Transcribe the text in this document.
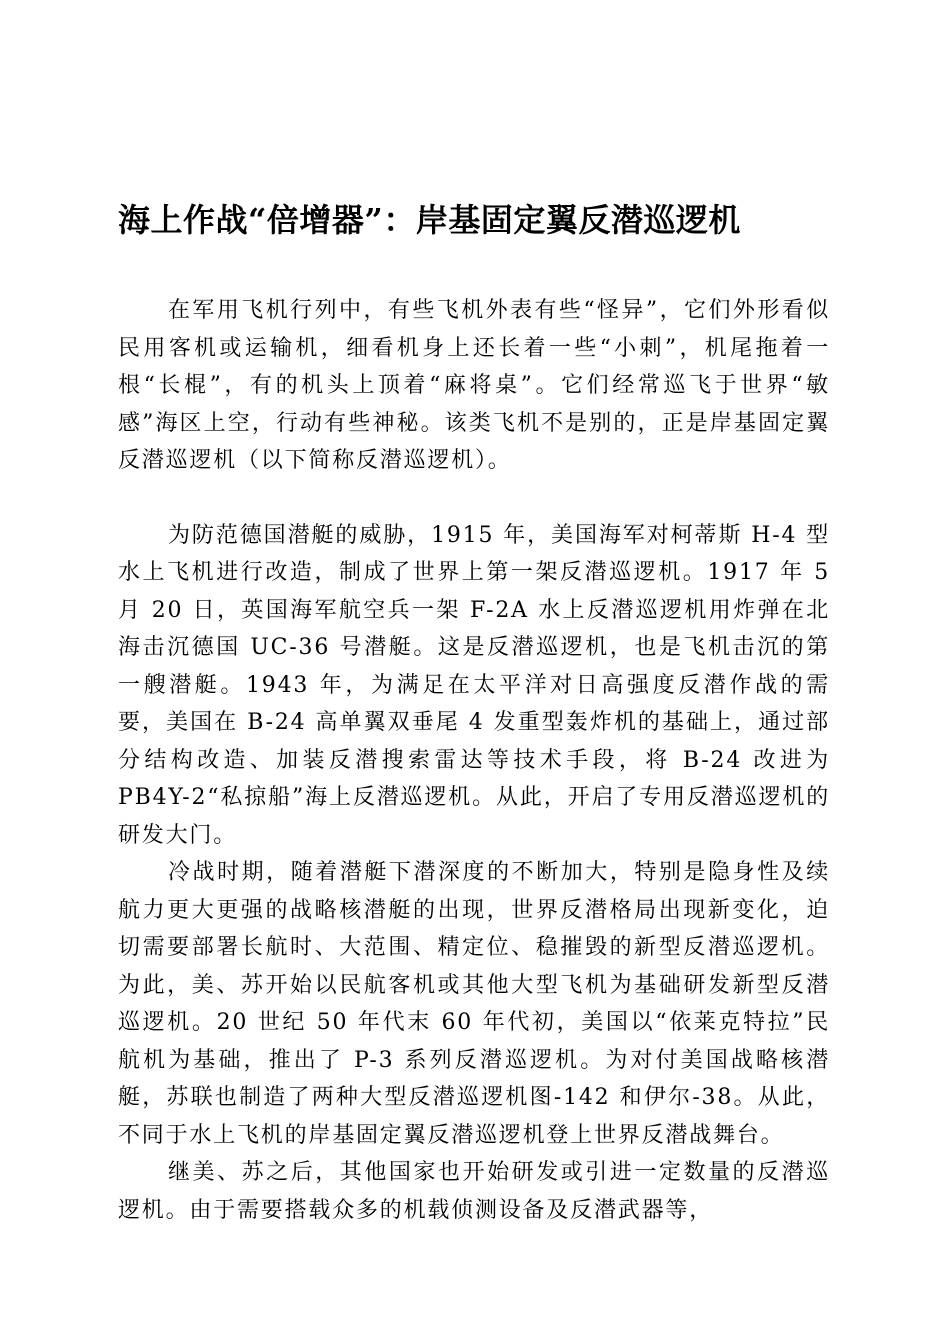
海上作战“倍增器”：岸基固定翼反潜巡逻机

在军用飞机行列中，有些飞机外表有些“怪异”，它们外形看似民用客机或运输机，细看机身上还长着一些“小刺”，机尾拖着一根“长棍”，有的机头上顶着“麻将桌”。它们经常巡飞于世界“敏感”海区上空，行动有些神秘。该类飞机不是别的，正是岸基固定翼反潜巡逻机（以下简称反潜巡逻机）。

为防范德国潜艇的威胁，1915 年，美国海军对柯蒂斯 H-4 型水上飞机进行改造，制成了世界上第一架反潜巡逻机。1917 年 5 月 20 日，英国海军航空兵一架 F-2A 水上反潜巡逻机用炸弹在北海击沉德国 UC-36 号潜艇。这是反潜巡逻机，也是飞机击沉的第一艘潜艇。1943 年，为满足在太平洋对日高强度反潜作战的需要，美国在 B-24 高单翼双垂尾 4 发重型轰炸机的基础上，通过部分结构改造、加装反潜搜索雷达等技术手段，将 B-24 改进为 PB4Y-2“私掠船”海上反潜巡逻机。从此，开启了专用反潜巡逻机的研发大门。

冷战时期，随着潜艇下潜深度的不断加大，特别是隐身性及续航力更大更强的战略核潜艇的出现，世界反潜格局出现新变化，迫切需要部署长航时、大范围、精定位、稳摧毁的新型反潜巡逻机。为此，美、苏开始以民航客机或其他大型飞机为基础研发新型反潜巡逻机。20 世纪 50 年代末 60 年代初，美国以“依莱克特拉”民航机为基础，推出了 P-3 系列反潜巡逻机。为对付美国战略核潜艇，苏联也制造了两种大型反潜巡逻机图-142 和伊尔-38。从此，不同于水上飞机的岸基固定翼反潜巡逻机登上世界反潜战舞台。

继美、苏之后，其他国家也开始研发或引进一定数量的反潜巡逻机。由于需要搭载众多的机载侦测设备及反潜武器等，
